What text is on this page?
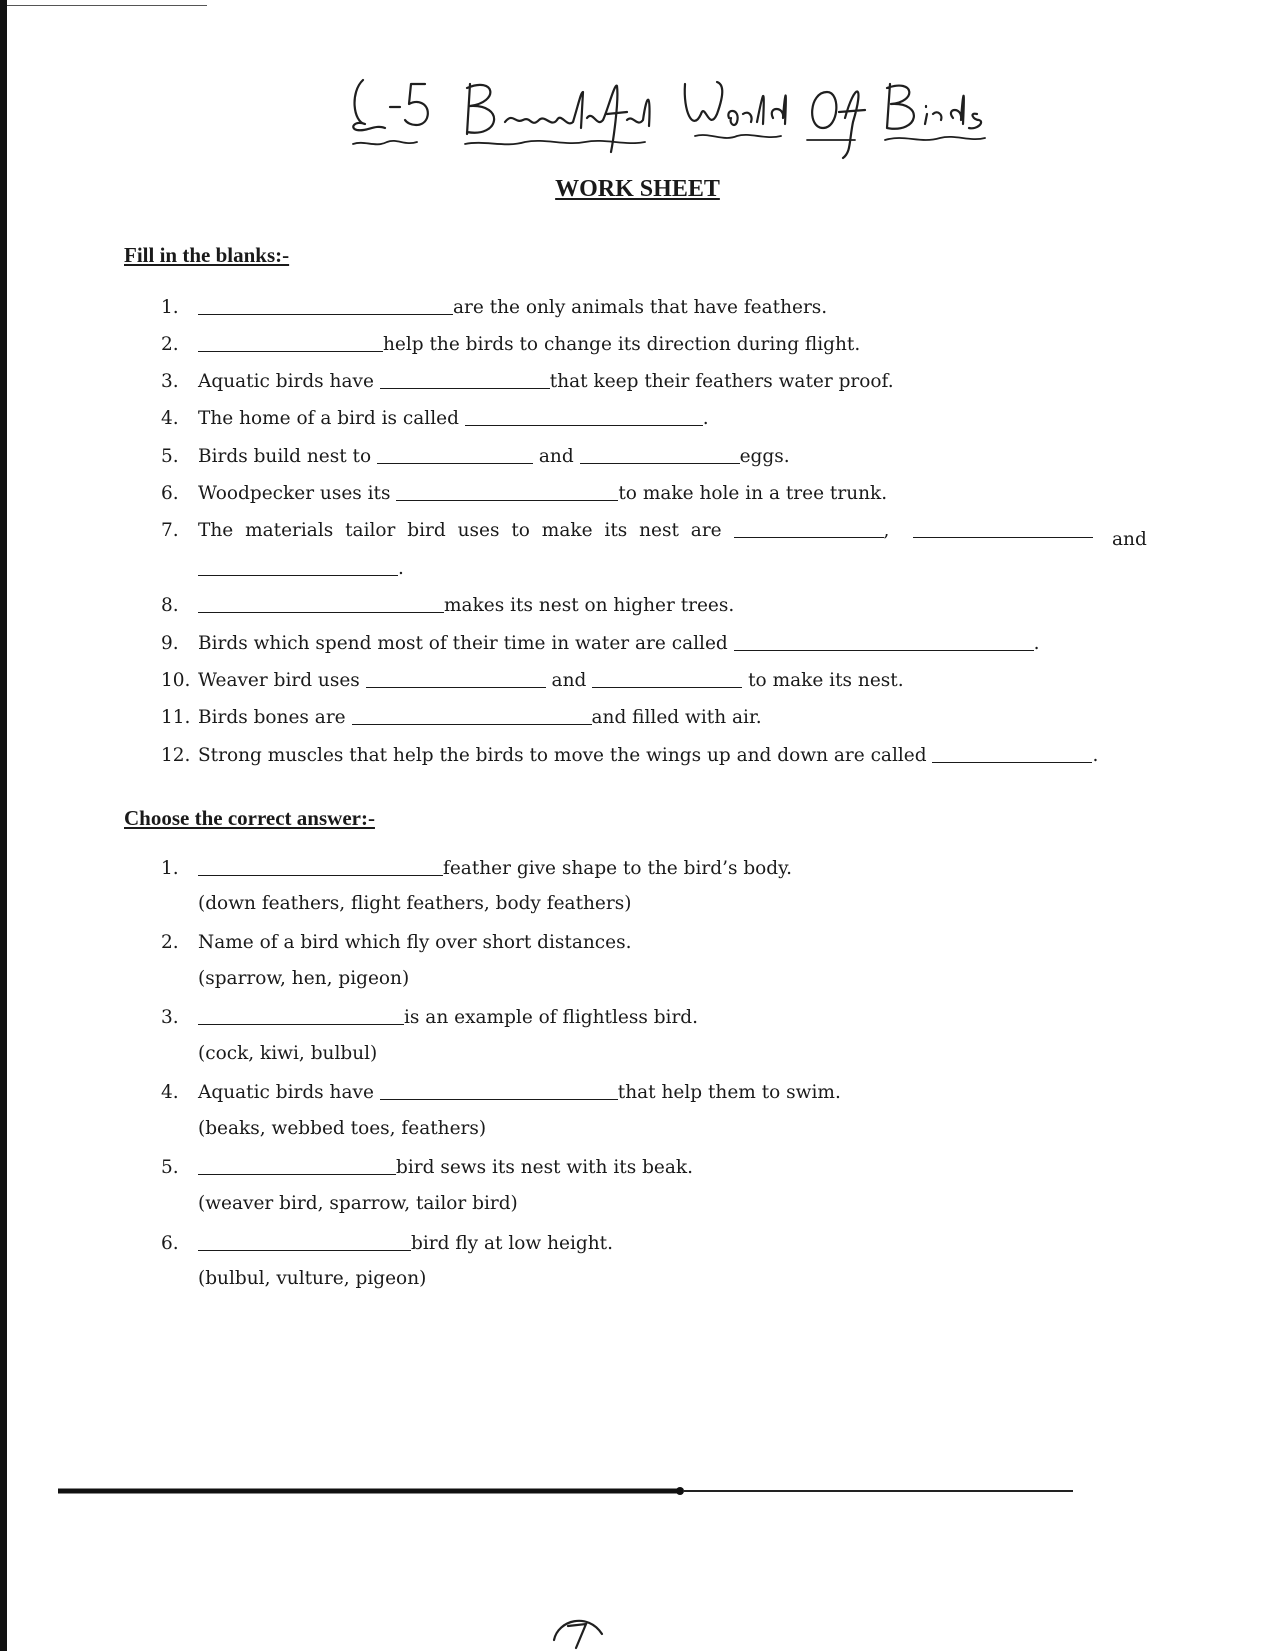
WORK SHEET
Fill in the blanks:-
1.	are the only animals that have feathers.
2.	help the birds to change its direction during flight.
3. Aquatic birds have	that keep their feathers water proof.
4. The home of a bird is called	.
5. Birds build nest to	and	eggs.
6. Woodpecker uses its	to make hole in a tree trunk.
7. The materials tailor bird uses to make its nest are	,	and
.
8.	makes its nest on higher trees.
9. Birds which spend most of their time in water are called	.
10. Weaver bird uses	and	to make its nest.
11. Birds bones are	and filled with air.
12. Strong muscles that help the birds to move the wings up and down are called	.
Choose the correct answer:-
1.	feather give shape to the bird’s body.
(down feathers, flight feathers, body feathers)
2. Name of a bird which fly over short distances.
(sparrow, hen, pigeon)
3.	is an example of flightless bird.
(cock, kiwi, bulbul)
4. Aquatic birds have	that help them to swim.
(beaks, webbed toes, feathers)
5.	bird sews its nest with its beak.
(weaver bird, sparrow, tailor bird)
6.	bird fly at low height.
(bulbul, vulture, pigeon)
